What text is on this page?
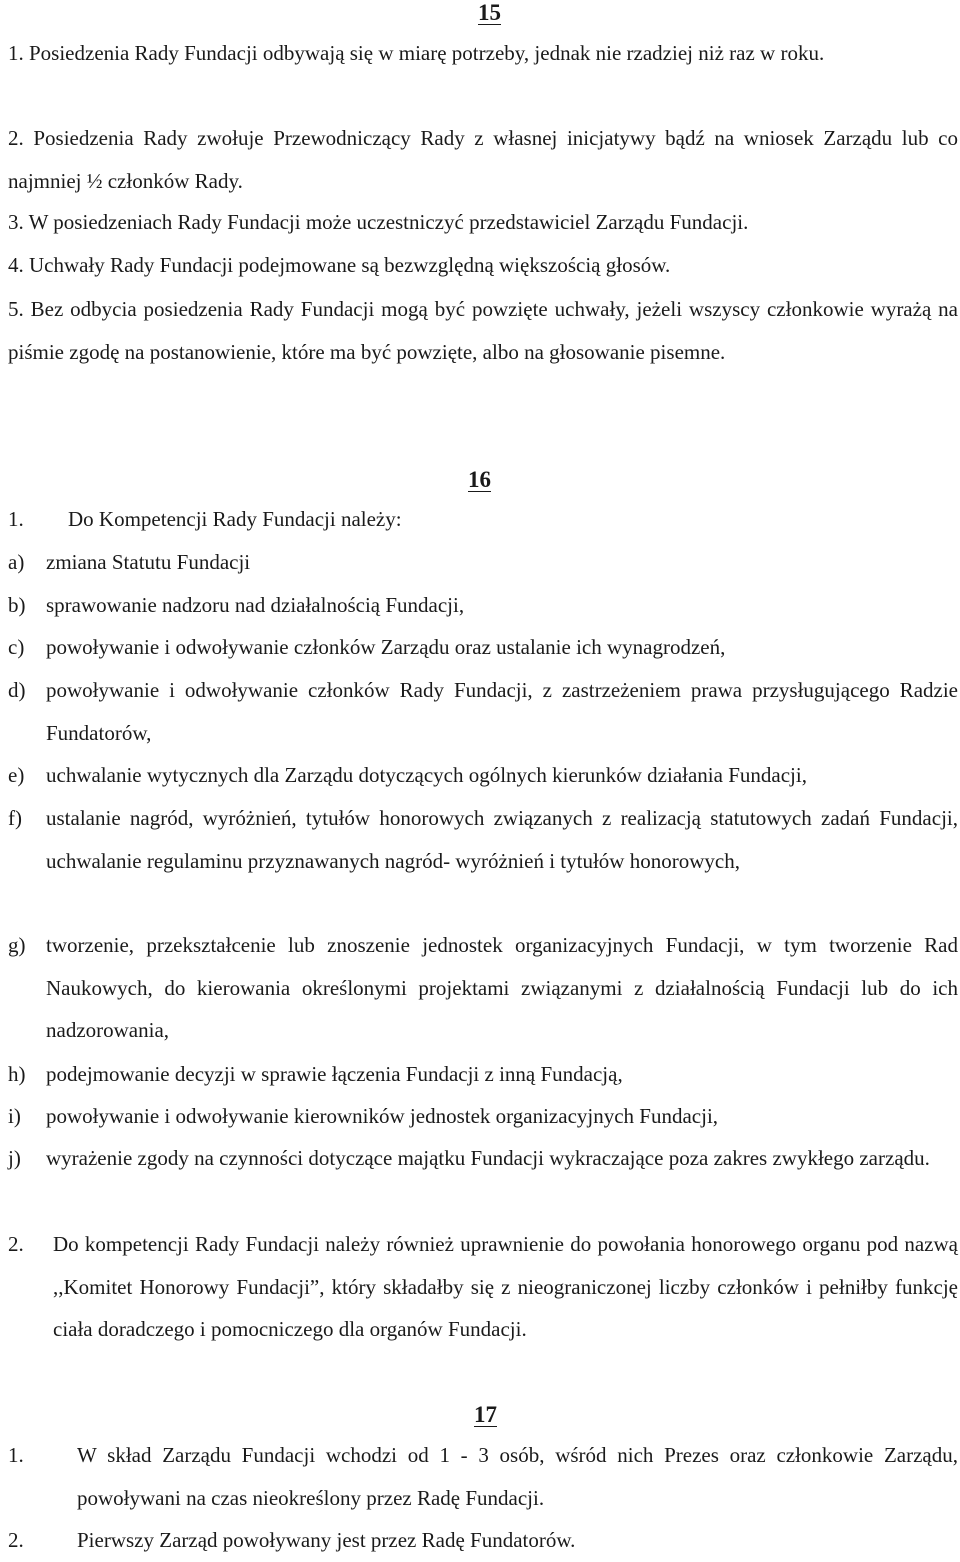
15

1. Posiedzenia Rady Fundacji odbywają się w miarę potrzeby, jednak nie rzadziej niż raz w roku.

2. Posiedzenia Rady zwołuje Przewodniczący Rady z własnej inicjatywy bądź na wniosek Zarządu lub co najmniej ½ członków Rady.

3. W posiedzeniach Rady Fundacji może uczestniczyć przedstawiciel Zarządu Fundacji.

4. Uchwały Rady Fundacji podejmowane są bezwzględną większością głosów.

5. Bez odbycia posiedzenia Rady Fundacji mogą być powzięte uchwały, jeżeli wszyscy członkowie wyrażą na piśmie zgodę na postanowienie, które ma być powzięte, albo na głosowanie pisemne.

16

1.	Do Kompetencji Rady Fundacji należy:
a)	zmiana Statutu Fundacji
b) sprawowanie nadzoru nad działalnością Fundacji,
c)	powoływanie i odwoływanie członków Zarządu oraz ustalanie ich wynagrodzeń,
d) powoływanie i odwoływanie członków Rady Fundacji, z zastrzeżeniem prawa przysługującego Radzie Fundatorów,
e)	uchwalanie wytycznych dla Zarządu dotyczących ogólnych kierunków działania Fundacji,
f) ustalanie nagród, wyróżnień, tytułów honorowych związanych z realizacją statutowych zadań Fundacji, uchwalanie regulaminu przyznawanych nagród- wyróżnień i tytułów honorowych,
g) tworzenie, przekształcenie lub znoszenie jednostek organizacyjnych Fundacji, w tym tworzenie Rad Naukowych, do kierowania określonymi projektami związanymi z działalnością Fundacji lub do ich nadzorowania,
h) podejmowanie decyzji w sprawie łączenia Fundacji z inną Fundacją,
i)	powoływanie i odwoływanie kierowników jednostek organizacyjnych Fundacji,
j) wyrażenie zgody na czynności dotyczące majątku Fundacji wykraczające poza zakres zwykłego zarządu.
2. Do kompetencji Rady Fundacji należy również uprawnienie do powołania honorowego organu pod nazwą ,,Komitet Honorowy Fundacji”, który składałby się z nieograniczonej liczby członków i pełniłby funkcję ciała doradczego i pomocniczego dla organów Fundacji.

17

1.	W skład Zarządu Fundacji wchodzi od 1 - 3 osób, wśród nich Prezes oraz członkowie Zarządu, powoływani na czas nieokreślony przez Radę Fundacji.
2.	Pierwszy Zarząd powoływany jest przez Radę Fundatorów.
